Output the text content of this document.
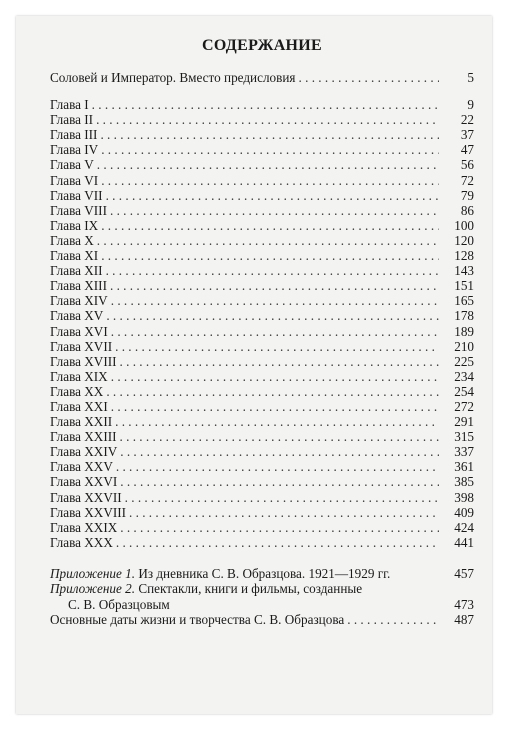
СОДЕРЖАНИЕ
Соловей и Император. Вместо предисловия . . .	5
Глава I . . .	9
Глава II . . .	22
Глава III . . .	37
Глава IV . . .	47
Глава V . . .	56
Глава VI . . .	72
Глава VII . . .	79
Глава VIII . . .	86
Глава IX . . .	100
Глава X . . .	120
Глава XI . . .	128
Глава XII . . .	143
Глава XIII . . .	151
Глава XIV . . .	165
Глава XV . . .	178
Глава XVI . . .	189
Глава XVII . . .	210
Глава XVIII . . .	225
Глава XIX . . .	234
Глава XX . . .	254
Глава XXI . . .	272
Глава XXII . . .	291
Глава XXIII . . .	315
Глава XXIV . . .	337
Глава XXV . . .	361
Глава XXVI . . .	385
Глава XXVII . . .	398
Глава XXVIII . . .	409
Глава XXIX . . .	424
Глава XXX . . .	441
Приложение 1. Из дневника С. В. Образцова. 1921—1929 гг.	457
Приложение 2. Спектакли, книги и фильмы, созданные
С. В. Образцовым	473
Основные даты жизни и творчества С. В. Образцова . . .	487
